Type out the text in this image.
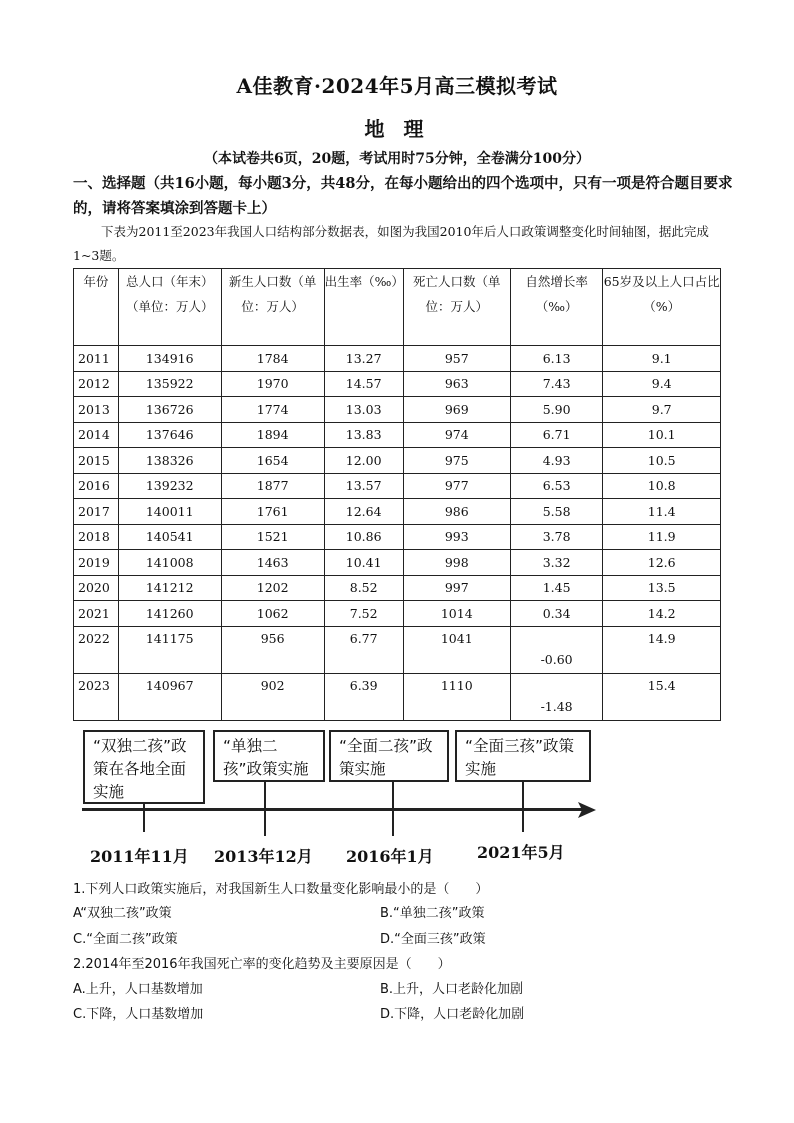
A佳教育·2024年5月高三模拟考试
地 理
（本试卷共6页，20题，考试用时75分钟，全卷满分100分）
一、选择题（共16小题，每小题3分，共48分，在每小题给出的四个选项中，只有一项是符合题目要求的，请将答案填涂到答题卡上）
下表为2011至2023年我国人口结构部分数据表，如图为我国2010年后人口政策调整变化时间轴图，据此完成1~3题。
年份	总人口（年末）（单位：万人）	新生人口数（单位：万人）	出生率（‰）	死亡人口数（单位：万人）	自然增长率（‰）	65岁及以上人口占比（%）
2011	134916	1784	13.27	957	6.13	9.1
2012	135922	1970	14.57	963	7.43	9.4
2013	136726	1774	13.03	969	5.90	9.7
2014	137646	1894	13.83	974	6.71	10.1
2015	138326	1654	12.00	975	4.93	10.5
2016	139232	1877	13.57	977	6.53	10.8
2017	140011	1761	12.64	986	5.58	11.4
2018	140541	1521	10.86	993	3.78	11.9
2019	141008	1463	10.41	998	3.32	12.6
2020	141212	1202	8.52	997	1.45	13.5
2021	141260	1062	7.52	1014	0.34	14.2
2022	141175	956	6.77	1041	-0.60	14.9
2023	140967	902	6.39	1110	-1.48	15.4
“双独二孩”政策在各地全面实施
2011年11月
“单独二孩”政策实施
2013年12月
“全面二孩”政策实施
2016年1月
“全面三孩”政策实施
2021年5月
1.下列人口政策实施后，对我国新生人口数量变化影响最小的是（　　）
A“双独二孩”政策	B.“单独二孩”政策
C.“全面二孩”政策	D.“全面三孩”政策
2.2014年至2016年我国死亡率的变化趋势及主要原因是（　　）
A.上升，人口基数增加	B.上升，人口老龄化加剧
C.下降，人口基数增加	D.下降，人口老龄化加剧
